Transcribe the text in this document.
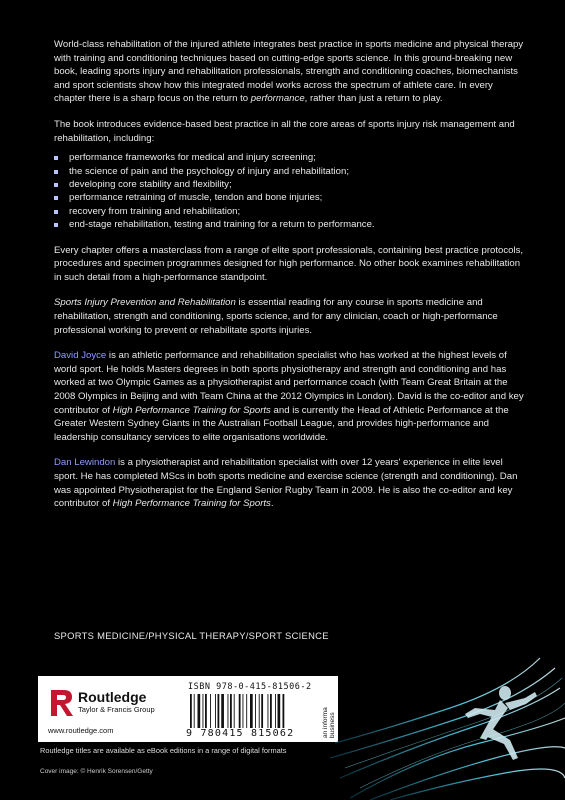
World-class rehabilitation of the injured athlete integrates best practice in sports medicine and physical therapy with training and conditioning techniques based on cutting-edge sports science. In this ground-breaking new book, leading sports injury and rehabilitation professionals, strength and conditioning coaches, biomechanists and sport scientists show how this integrated model works across the spectrum of athlete care. In every chapter there is a sharp focus on the return to performance, rather than just a return to play.

The book introduces evidence-based best practice in all the core areas of sports injury risk management and rehabilitation, including:

performance frameworks for medical and injury screening;
the science of pain and the psychology of injury and rehabilitation;
developing core stability and flexibility;
performance retraining of muscle, tendon and bone injuries;
recovery from training and rehabilitation;
end-stage rehabilitation, testing and training for a return to performance.

Every chapter offers a masterclass from a range of elite sport professionals, containing best practice protocols, procedures and specimen programmes designed for high performance. No other book examines rehabilitation in such detail from a high-performance standpoint.

Sports Injury Prevention and Rehabilitation is essential reading for any course in sports medicine and rehabilitation, strength and conditioning, sports science, and for any clinician, coach or high-performance professional working to prevent or rehabilitate sports injuries.

David Joyce is an athletic performance and rehabilitation specialist who has worked at the highest levels of world sport. He holds Masters degrees in both sports physiotherapy and strength and conditioning and has worked at two Olympic Games as a physiotherapist and performance coach (with Team Great Britain at the 2008 Olympics in Beijing and with Team China at the 2012 Olympics in London). David is the co-editor and key contributor of High Performance Training for Sports and is currently the Head of Athletic Performance at the Greater Western Sydney Giants in the Australian Football League, and provides high-performance and leadership consultancy services to elite organisations worldwide.

Dan Lewindon is a physiotherapist and rehabilitation specialist with over 12 years' experience in elite level sport. He has completed MScs in both sports medicine and exercise science (strength and conditioning). Dan was appointed Physiotherapist for the England Senior Rugby Team in 2009. He is also the co-editor and key contributor of High Performance Training for Sports.

SPORTS MEDICINE/PHYSICAL THERAPY/SPORT SCIENCE
Routledge
Taylor & Francis Group
www.routledge.com
ISBN 978-0-415-81506-2
9 780415 815062	an informa business
Routledge titles are available as eBook editions in a range of digital formats
Cover image: © Henrik Sorensen/Getty
